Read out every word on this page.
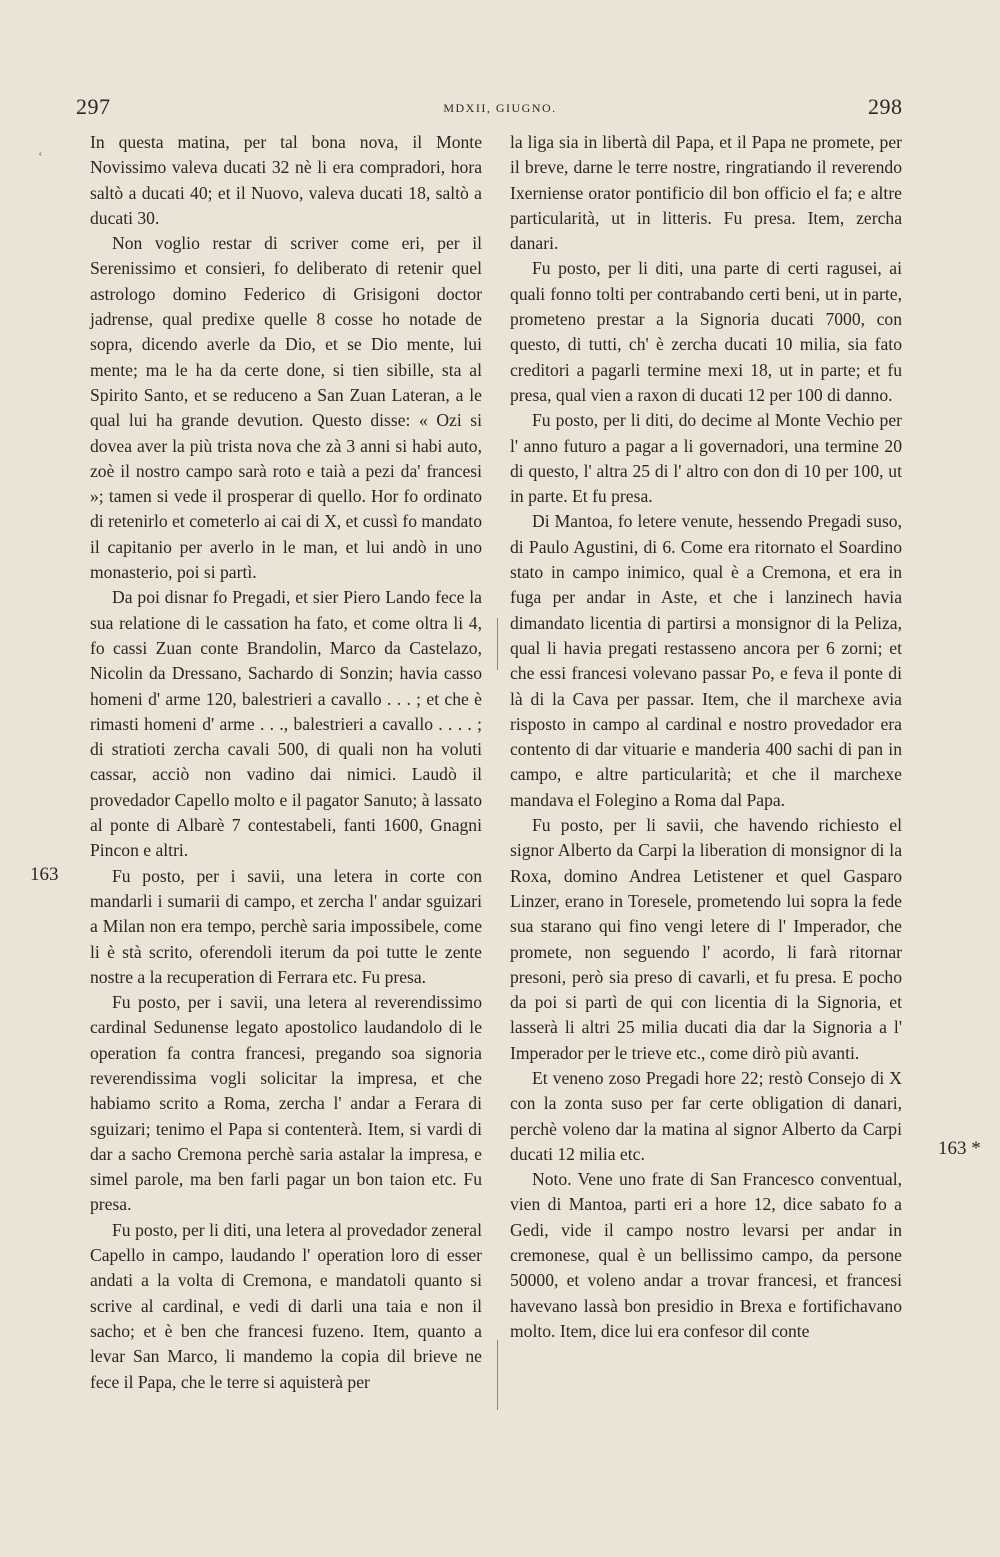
297	MDXII, GIUGNO.	298
‘
163
163 *

In questa matina, per tal bona nova, il Monte Novissimo valeva ducati 32 nè li era compradori, hora saltò a ducati 40; et il Nuovo, valeva ducati 18, saltò a ducati 30.

Non voglio restar di scriver come eri, per il Serenissimo et consieri, fo deliberato di retenir quel astrologo domino Federico di Grisigoni doctor jadrense, qual predixe quelle 8 cosse ho notade de sopra, dicendo averle da Dio, et se Dio mente, lui mente; ma le ha da certe done, si tien sibille, sta al Spirito Santo, et se reduceno a San Zuan Lateran, a le qual lui ha grande devution. Questo disse: « Ozi si dovea aver la più trista nova che zà 3 anni si habi auto, zoè il nostro campo sarà roto e taià a pezi da' francesi »; tamen si vede il prosperar di quello. Hor fo ordinato di retenirlo et cometerlo ai cai di X, et cussì fo mandato il capitanio per averlo in le man, et lui andò in uno monasterio, poi si partì.

Da poi disnar fo Pregadi, et sier Piero Lando fece la sua relatione di le cassation ha fato, et come oltra li 4, fo cassi Zuan conte Brandolin, Marco da Castelazo, Nicolin da Dressano, Sachardo di Sonzin; havia casso homeni d' arme 120, balestrieri a cavallo . . . ; et che è rimasti homeni d' arme . . ., balestrieri a cavallo . . . . ; di stratioti zercha cavali 500, di quali non ha voluti cassar, acciò non vadino dai nimici. Laudò il provedador Capello molto e il pagator Sanuto; à lassato al ponte di Albarè 7 contestabeli, fanti 1600, Gnagni Pincon e altri.

Fu posto, per i savii, una letera in corte con mandarli i sumarii di campo, et zercha l' andar sguizari a Milan non era tempo, perchè saria impossibele, come li è stà scrito, oferendoli iterum da poi tutte le zente nostre a la recuperation di Ferrara etc. Fu presa.

Fu posto, per i savii, una letera al reverendissimo cardinal Sedunense legato apostolico laudandolo di le operation fa contra francesi, pregando soa signoria reverendissima vogli solicitar la impresa, et che habiamo scrito a Roma, zercha l' andar a Ferara di sguizari; tenimo el Papa si contenterà. Item, si vardi di dar a sacho Cremona perchè saria astalar la impresa, e simel parole, ma ben farli pagar un bon taion etc. Fu presa.

Fu posto, per li diti, una letera al provedador zeneral Capello in campo, laudando l' operation loro di esser andati a la volta di Cremona, e mandatoli quanto si scrive al cardinal, e vedi di darli una taia e non il sacho; et è ben che francesi fuzeno. Item, quanto a levar San Marco, li mandemo la copia dil brieve ne fece il Papa, che le terre si aquisterà per

la liga sia in libertà dil Papa, et il Papa ne promete, per il breve, darne le terre nostre, ringratiando il reverendo Ixerniense orator pontificio dil bon officio el fa; e altre particularità, ut in litteris. Fu presa. Item, zercha danari.

Fu posto, per li diti, una parte di certi ragusei, ai quali fonno tolti per contrabando certi beni, ut in parte, prometeno prestar a la Signoria ducati 7000, con questo, di tutti, ch' è zercha ducati 10 milia, sia fato creditori a pagarli termine mexi 18, ut in parte; et fu presa, qual vien a raxon di ducati 12 per 100 di danno.

Fu posto, per li diti, do decime al Monte Vechio per l' anno futuro a pagar a li governadori, una termine 20 di questo, l' altra 25 di l' altro con don di 10 per 100, ut in parte. Et fu presa.

Di Mantoa, fo letere venute, hessendo Pregadi suso, di Paulo Agustini, di 6. Come era ritornato el Soardino stato in campo inimico, qual è a Cremona, et era in fuga per andar in Aste, et che i lanzinech havia dimandato licentia di partirsi a monsignor di la Peliza, qual li havia pregati restasseno ancora per 6 zorni; et che essi francesi volevano passar Po, e feva il ponte di là di la Cava per passar. Item, che il marchexe avia risposto in campo al cardinal e nostro provedador era contento di dar vituarie e manderia 400 sachi di pan in campo, e altre particularità; et che il marchexe mandava el Folegino a Roma dal Papa.

Fu posto, per li savii, che havendo richiesto el signor Alberto da Carpi la liberation di monsignor di la Roxa, domino Andrea Letistener et quel Gasparo Linzer, erano in Toresele, prometendo lui sopra la fede sua starano qui fino vengi letere di l' Imperador, che promete, non seguendo l' acordo, li farà ritornar presoni, però sia preso di cavarli, et fu presa. E pocho da poi si partì de qui con licentia di la Signoria, et lasserà li altri 25 milia ducati dia dar la Signoria a l' Imperador per le trieve etc., come dirò più avanti.

Et veneno zoso Pregadi hore 22; restò Consejo di X con la zonta suso per far certe obligation di danari, perchè voleno dar la matina al signor Alberto da Carpi ducati 12 milia etc.

Noto. Vene uno frate di San Francesco conventual, vien di Mantoa, parti eri a hore 12, dice sabato fo a Gedi, vide il campo nostro levarsi per andar in cremonese, qual è un bellissimo campo, da persone 50000, et voleno andar a trovar francesi, et francesi havevano lassà bon presidio in Brexa e fortifichavano molto. Item, dice lui era confesor dil conte
